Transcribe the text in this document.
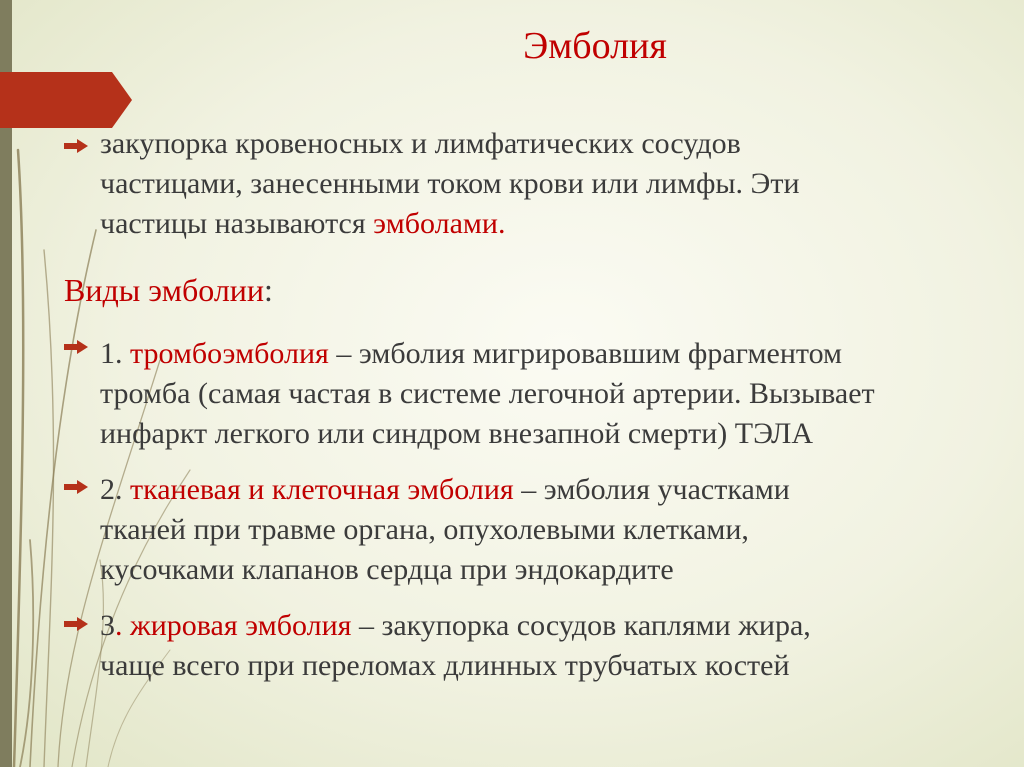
Эмболия
закупорка кровеносных и лимфатических сосудов
частицами, занесенными током крови или лимфы. Эти
частицы называются эмболами.
Виды эмболии:
1. тромбоэмболия – эмболия мигрировавшим фрагментом
тромба (самая частая в системе легочной артерии. Вызывает
инфаркт легкого или синдром внезапной смерти) ТЭЛА
2. тканевая и клеточная эмболия – эмболия участками
тканей при травме органа, опухолевыми клетками,
кусочками клапанов сердца при эндокардите
3. жировая эмболия – закупорка сосудов каплями жира,
чаще всего при переломах длинных трубчатых костей
